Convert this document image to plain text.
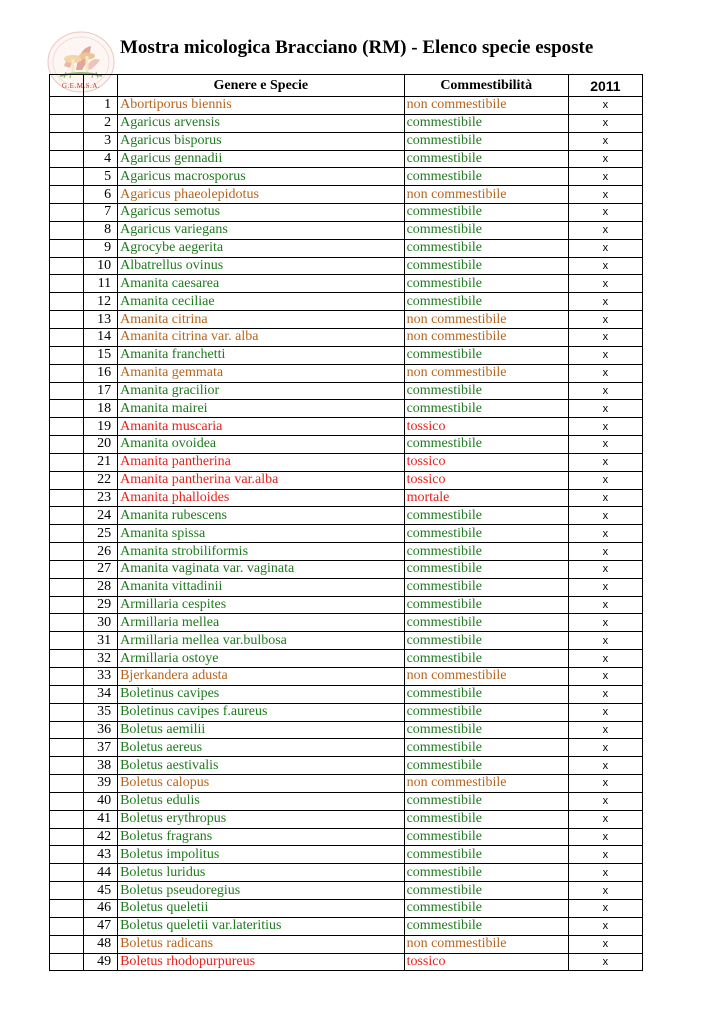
G.E.M.S.A.
Mostra micologica Bracciano (RM) - Elenco specie esposte
		Genere e Specie	Commestibilità	2011
	1	Abortiporus biennis	non commestibile	x
	2	Agaricus arvensis	commestibile	x
	3	Agaricus bisporus	commestibile	x
	4	Agaricus gennadii	commestibile	x
	5	Agaricus macrosporus	commestibile	x
	6	Agaricus phaeolepidotus	non commestibile	x
	7	Agaricus semotus	commestibile	x
	8	Agaricus variegans	commestibile	x
	9	Agrocybe aegerita	commestibile	x
	10	Albatrellus ovinus	commestibile	x
	11	Amanita caesarea	commestibile	x
	12	Amanita ceciliae	commestibile	x
	13	Amanita citrina	non commestibile	x
	14	Amanita citrina var. alba	non commestibile	x
	15	Amanita franchetti	commestibile	x
	16	Amanita gemmata	non commestibile	x
	17	Amanita gracilior	commestibile	x
	18	Amanita mairei	commestibile	x
	19	Amanita muscaria	tossico	x
	20	Amanita ovoidea	commestibile	x
	21	Amanita pantherina	tossico	x
	22	Amanita pantherina var.alba	tossico	x
	23	Amanita phalloides	mortale	x
	24	Amanita rubescens	commestibile	x
	25	Amanita spissa	commestibile	x
	26	Amanita strobiliformis	commestibile	x
	27	Amanita vaginata var. vaginata	commestibile	x
	28	Amanita vittadinii	commestibile	x
	29	Armillaria cespites	commestibile	x
	30	Armillaria mellea	commestibile	x
	31	Armillaria mellea var.bulbosa	commestibile	x
	32	Armillaria ostoye	commestibile	x
	33	Bjerkandera adusta	non commestibile	x
	34	Boletinus cavipes	commestibile	x
	35	Boletinus cavipes f.aureus	commestibile	x
	36	Boletus aemilii	commestibile	x
	37	Boletus aereus	commestibile	x
	38	Boletus aestivalis	commestibile	x
	39	Boletus calopus	non commestibile	x
	40	Boletus edulis	commestibile	x
	41	Boletus erythropus	commestibile	x
	42	Boletus fragrans	commestibile	x
	43	Boletus impolitus	commestibile	x
	44	Boletus luridus	commestibile	x
	45	Boletus pseudoregius	commestibile	x
	46	Boletus queletii	commestibile	x
	47	Boletus queletii var.lateritius	commestibile	x
	48	Boletus radicans	non commestibile	x
	49	Boletus rhodopurpureus	tossico	x
